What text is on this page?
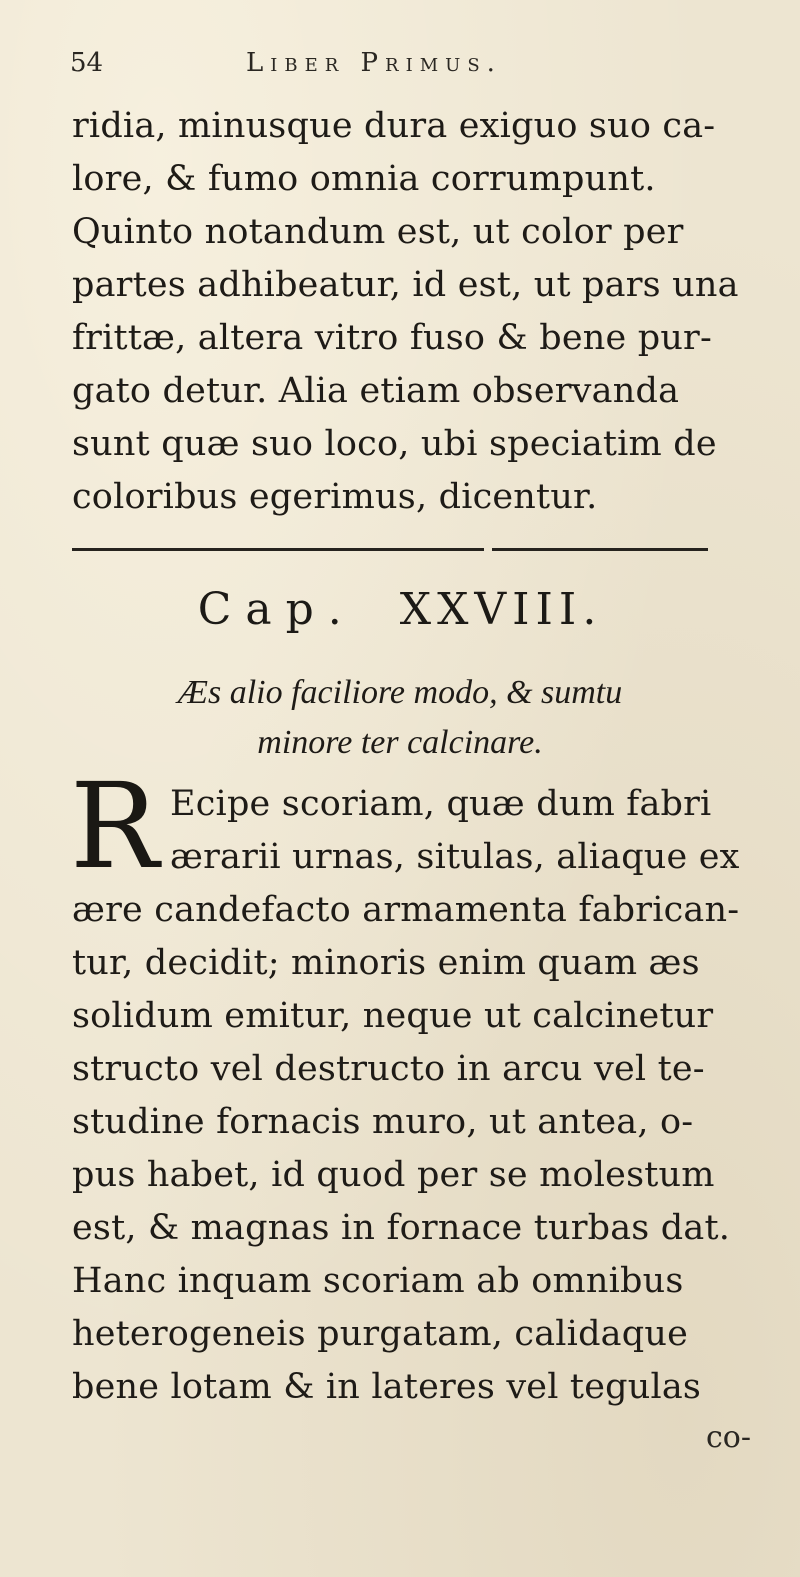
54	Liber Primus.
ridia, minusque dura exiguo suo ca-
lore, & fumo omnia corrumpunt.
Quinto notandum est, ut color per
partes adhibeatur, id est, ut pars una
frittæ, altera vitro fuso & bene pur-
gato detur. Alia etiam observanda
sunt quæ suo loco, ubi speciatim de
coloribus egerimus, dicentur.
Cap. XXVIII.
Æs alio faciliore modo, & sumtu
minore ter calcinare.
R Ecipe scoriam, quæ dum fabri
ærarii urnas, situlas, aliaque ex
ære candefacto armamenta fabrican-
tur, decidit; minoris enim quam æs
solidum emitur, neque ut calcinetur
structo vel destructo in arcu vel te-
studine fornacis muro, ut antea, o-
pus habet, id quod per se molestum
est, & magnas in fornace turbas dat.
Hanc inquam scoriam ab omnibus
heterogeneis purgatam, calidaque
bene lotam & in lateres vel tegulas
co-
